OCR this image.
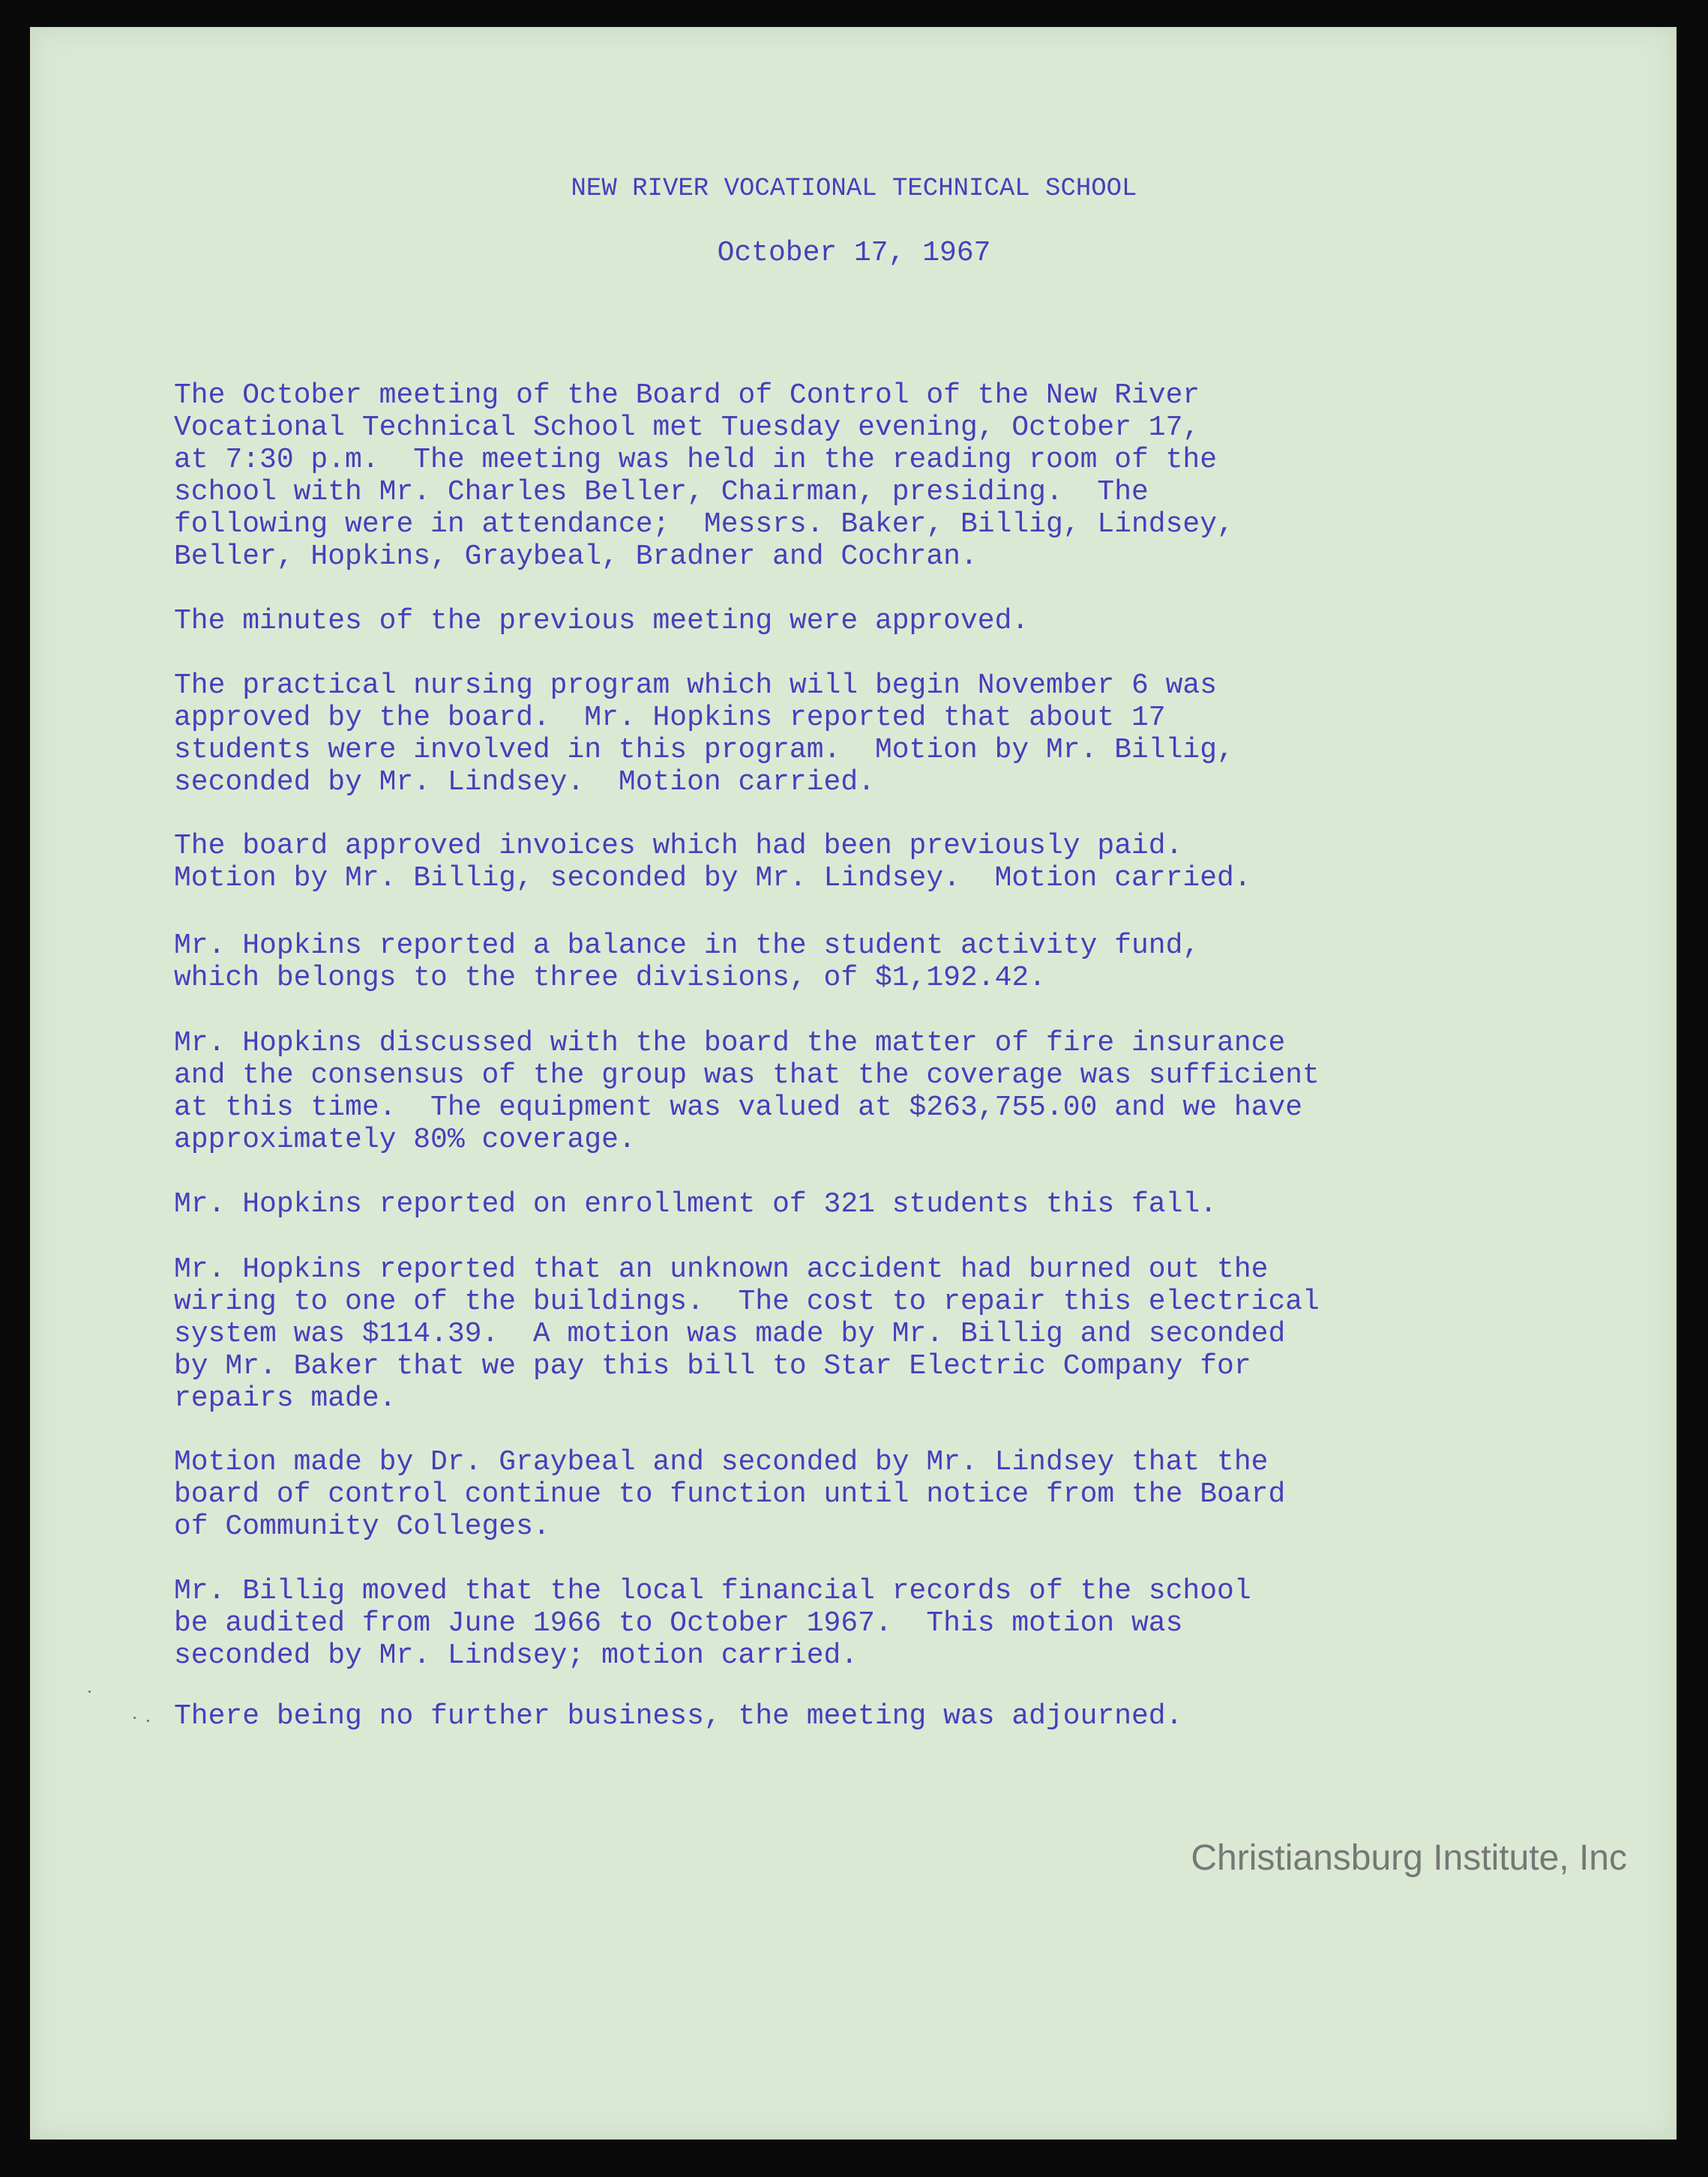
NEW RIVER VOCATIONAL TECHNICAL SCHOOL
October 17, 1967

The October meeting of the Board of Control of the New River
Vocational Technical School met Tuesday evening, October 17,
at 7:30 p.m.  The meeting was held in the reading room of the
school with Mr. Charles Beller, Chairman, presiding.  The
following were in attendance;  Messrs. Baker, Billig, Lindsey,
Beller, Hopkins, Graybeal, Bradner and Cochran.

The minutes of the previous meeting were approved.

The practical nursing program which will begin November 6 was
approved by the board.  Mr. Hopkins reported that about 17
students were involved in this program.  Motion by Mr. Billig,
seconded by Mr. Lindsey.  Motion carried.

The board approved invoices which had been previously paid.
Motion by Mr. Billig, seconded by Mr. Lindsey.  Motion carried.

Mr. Hopkins reported a balance in the student activity fund,
which belongs to the three divisions, of $1,192.42.

Mr. Hopkins discussed with the board the matter of fire insurance
and the consensus of the group was that the coverage was sufficient
at this time.  The equipment was valued at $263,755.00 and we have
approximately 80% coverage.

Mr. Hopkins reported on enrollment of 321 students this fall.

Mr. Hopkins reported that an unknown accident had burned out the
wiring to one of the buildings.  The cost to repair this electrical
system was $114.39.  A motion was made by Mr. Billig and seconded
by Mr. Baker that we pay this bill to Star Electric Company for
repairs made.

Motion made by Dr. Graybeal and seconded by Mr. Lindsey that the
board of control continue to function until notice from the Board
of Community Colleges.

Mr. Billig moved that the local financial records of the school
be audited from June 1966 to October 1967.  This motion was
seconded by Mr. Lindsey; motion carried.

There being no further business, the meeting was adjourned.

Christiansburg Institute, Inc
